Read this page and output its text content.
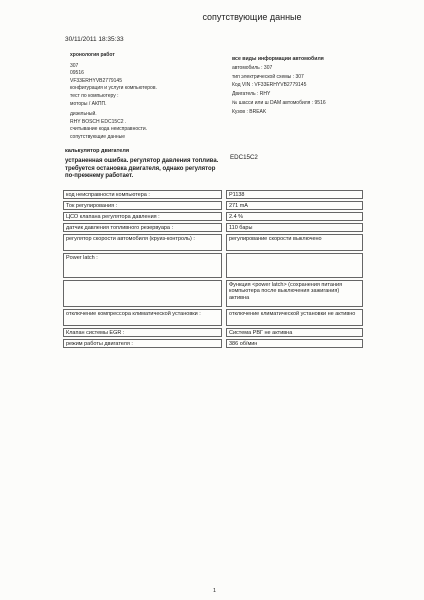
сопутствующие данные
30/11/2011 18:35:33
хронология работ
307
09516
VF33ERHYVB2779145
конфигурация и услуги компьютеров.
тест по компьютеру :
моторы / АКПП.
дизельный.
RHY BOSCH EDC15C2 .
считывание кода неисправности.
сопутствующие данные
все виды информации автомобиля
автомобиль : 307
тип электрической схемы : 307
Код VIN : VF33ERHYVB2779145
Двигатель : RHY
№ шасси или ш DAM автомобиля : 9516
Кузов : BREAK
калькулятор двигателя
EDC15C2
устраненная ошибка. регулятор давления топлива. требуется остановка двигателя, однако регулятор по-прежнему работает.
код неисправности компьютера :	P1138
Ток регулирования :	271 mA
ЦСО клапана регулятора давления :	2.4 %
датчик давления топливного резервуара :	110 бары
регулятор скорости автомобиля (круиз-контроль) :	регулирование скорости выключено
Power latch :
Функция <power latch> (сохранения питания компьютера после выключения зажигания) активна
отключение компрессора климатической установки :	отключение климатической установки не активно
Клапан системы EGR :	Система РВГ не активна
режим работы двигателя :	386 об/мин
1
